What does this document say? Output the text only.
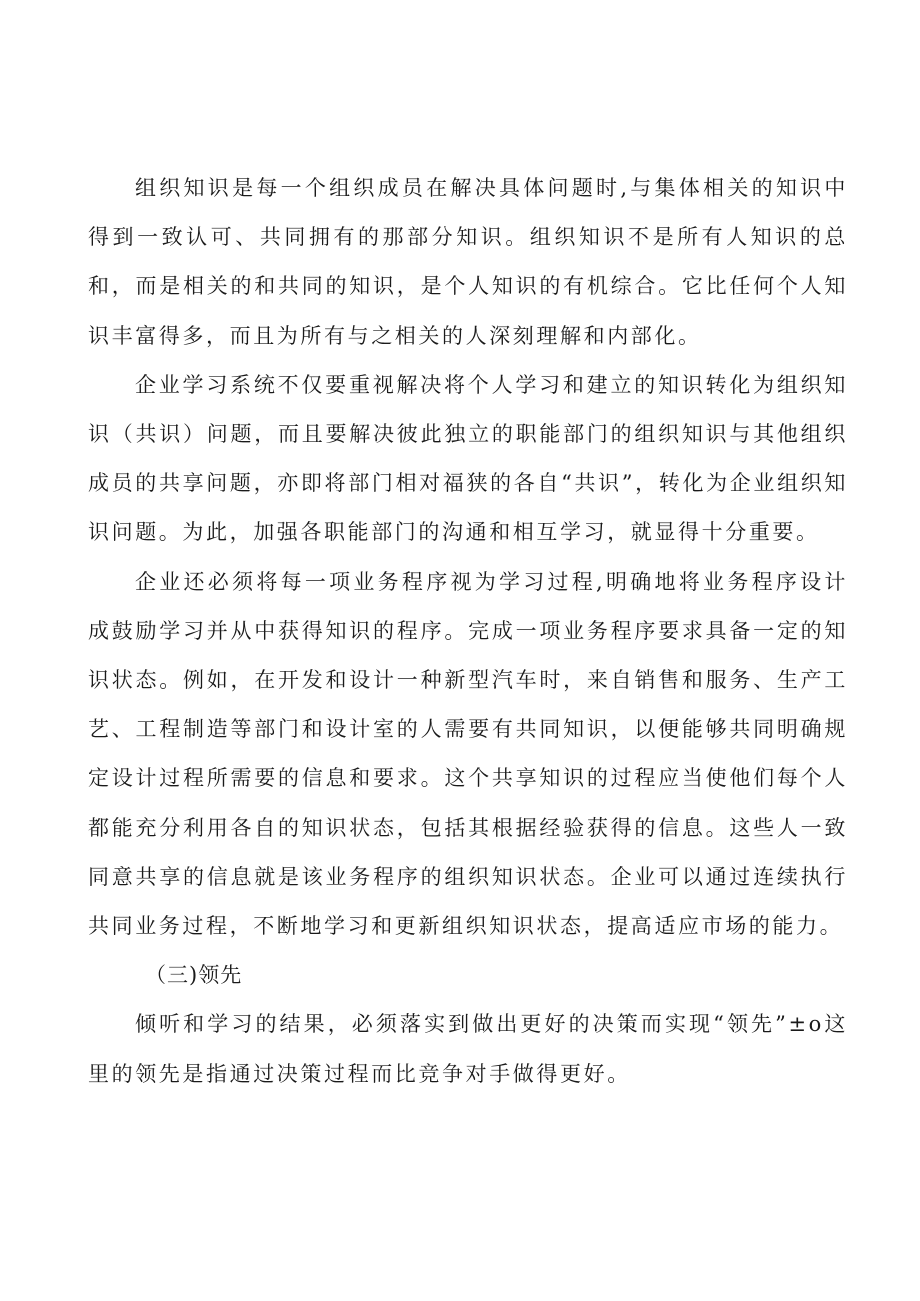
组织知识是每一个组织成员在解决具体问题时,与集体相关的知识中得到一致认可、共同拥有的那部分知识。组织知识不是所有人知识的总和，而是相关的和共同的知识，是个人知识的有机综合。它比任何个人知识丰富得多，而且为所有与之相关的人深刻理解和内部化。

企业学习系统不仅要重视解决将个人学习和建立的知识转化为组织知识（共识）问题，而且要解决彼此独立的职能部门的组织知识与其他组织成员的共享问题，亦即将部门相对福狭的各自“共识”，转化为企业组织知识问题。为此，加强各职能部门的沟通和相互学习，就显得十分重要。

企业还必须将每一项业务程序视为学习过程,明确地将业务程序设计成鼓励学习并从中获得知识的程序。完成一项业务程序要求具备一定的知识状态。例如，在开发和设计一种新型汽车时，来自销售和服务、生产工艺、工程制造等部门和设计室的人需要有共同知识，以便能够共同明确规定设计过程所需要的信息和要求。这个共享知识的过程应当使他们每个人都能充分利用各自的知识状态，包括其根据经验获得的信息。这些人一致同意共享的信息就是该业务程序的组织知识状态。企业可以通过连续执行共同业务过程，不断地学习和更新组织知识状态，提高适应市场的能力。

（三)领先

倾听和学习的结果，必须落实到做出更好的决策而实现“领先”±o这里的领先是指通过决策过程而比竞争对手做得更好。
